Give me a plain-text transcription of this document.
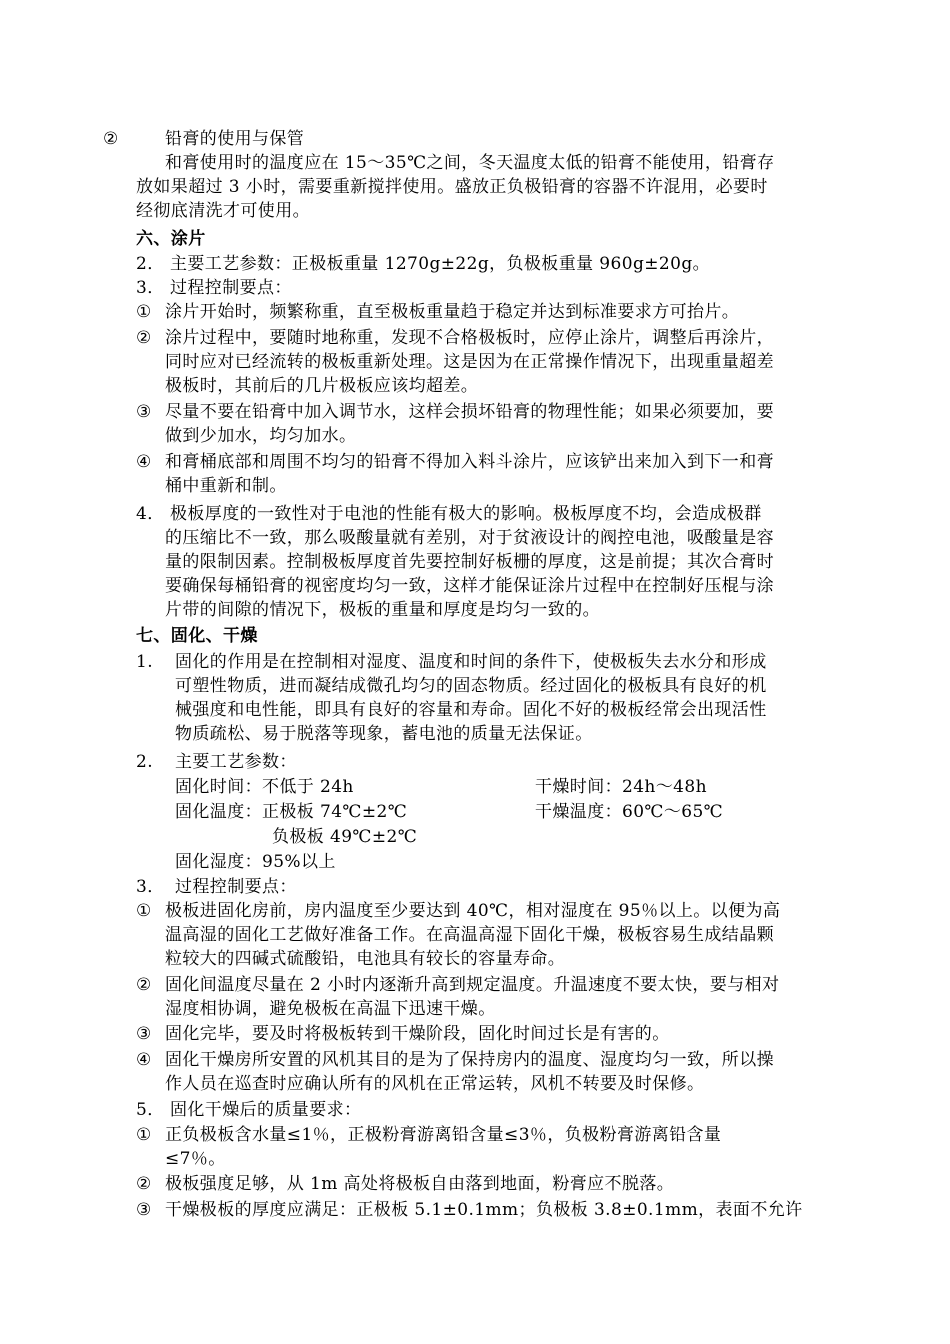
②	铅膏的使用与保管
和膏使用时的温度应在 15～35℃之间，冬天温度太低的铅膏不能使用，铅膏存
放如果超过 3 小时，需要重新搅拌使用。盛放正负极铅膏的容器不许混用，必要时
经彻底清洗才可使用。
六、涂片
2． 主要工艺参数：正极板重量 1270g±22g，负极板重量 960g±20g。
3． 过程控制要点：
① 涂片开始时，频繁称重，直至极板重量趋于稳定并达到标准要求方可抬片。
② 涂片过程中，要随时地称重，发现不合格极板时，应停止涂片，调整后再涂片，
同时应对已经流转的极板重新处理。这是因为在正常操作情况下，出现重量超差
极板时，其前后的几片极板应该均超差。
③ 尽量不要在铅膏中加入调节水，这样会损坏铅膏的物理性能；如果必须要加，要
做到少加水，均匀加水。
④ 和膏桶底部和周围不均匀的铅膏不得加入料斗涂片，应该铲出来加入到下一和膏
桶中重新和制。
4． 极板厚度的一致性对于电池的性能有极大的影响。极板厚度不均，会造成极群
的压缩比不一致，那么吸酸量就有差别，对于贫液设计的阀控电池，吸酸量是容
量的限制因素。控制极板厚度首先要控制好板栅的厚度，这是前提；其次合膏时
要确保每桶铅膏的视密度均匀一致，这样才能保证涂片过程中在控制好压棍与涂
片带的间隙的情况下，极板的重量和厚度是均匀一致的。
七、固化、干燥
1. 固化的作用是在控制相对湿度、温度和时间的条件下，使极板失去水分和形成
可塑性物质，进而凝结成微孔均匀的固态物质。经过固化的极板具有良好的机
械强度和电性能，即具有良好的容量和寿命。固化不好的极板经常会出现活性
物质疏松、易于脱落等现象，蓄电池的质量无法保证。
2. 主要工艺参数：
固化时间：不低于 24h	干燥时间：24h～48h
固化温度：正极板 74℃±2℃	干燥温度：60℃～65℃
负极板 49℃±2℃
固化湿度：95%以上
3． 过程控制要点：
① 极板进固化房前，房内温度至少要达到 40℃，相对湿度在 95％以上。以便为高
温高湿的固化工艺做好准备工作。在高温高湿下固化干燥，极板容易生成结晶颗
粒较大的四碱式硫酸铅，电池具有较长的容量寿命。
② 固化间温度尽量在 2 小时内逐渐升高到规定温度。升温速度不要太快，要与相对
湿度相协调，避免极板在高温下迅速干燥。
③ 固化完毕，要及时将极板转到干燥阶段，固化时间过长是有害的。
④ 固化干燥房所安置的风机其目的是为了保持房内的温度、湿度均匀一致，所以操
作人员在巡查时应确认所有的风机在正常运转，风机不转要及时保修。
5． 固化干燥后的质量要求：
① 正负极板含水量≤1％，正极粉膏游离铅含量≤3％，负极粉膏游离铅含量
≤7％。
② 极板强度足够，从 1m 高处将极板自由落到地面，粉膏应不脱落。
③ 干燥极板的厚度应满足：正极板 5.1±0.1mm；负极板 3.8±0.1mm，表面不允许
